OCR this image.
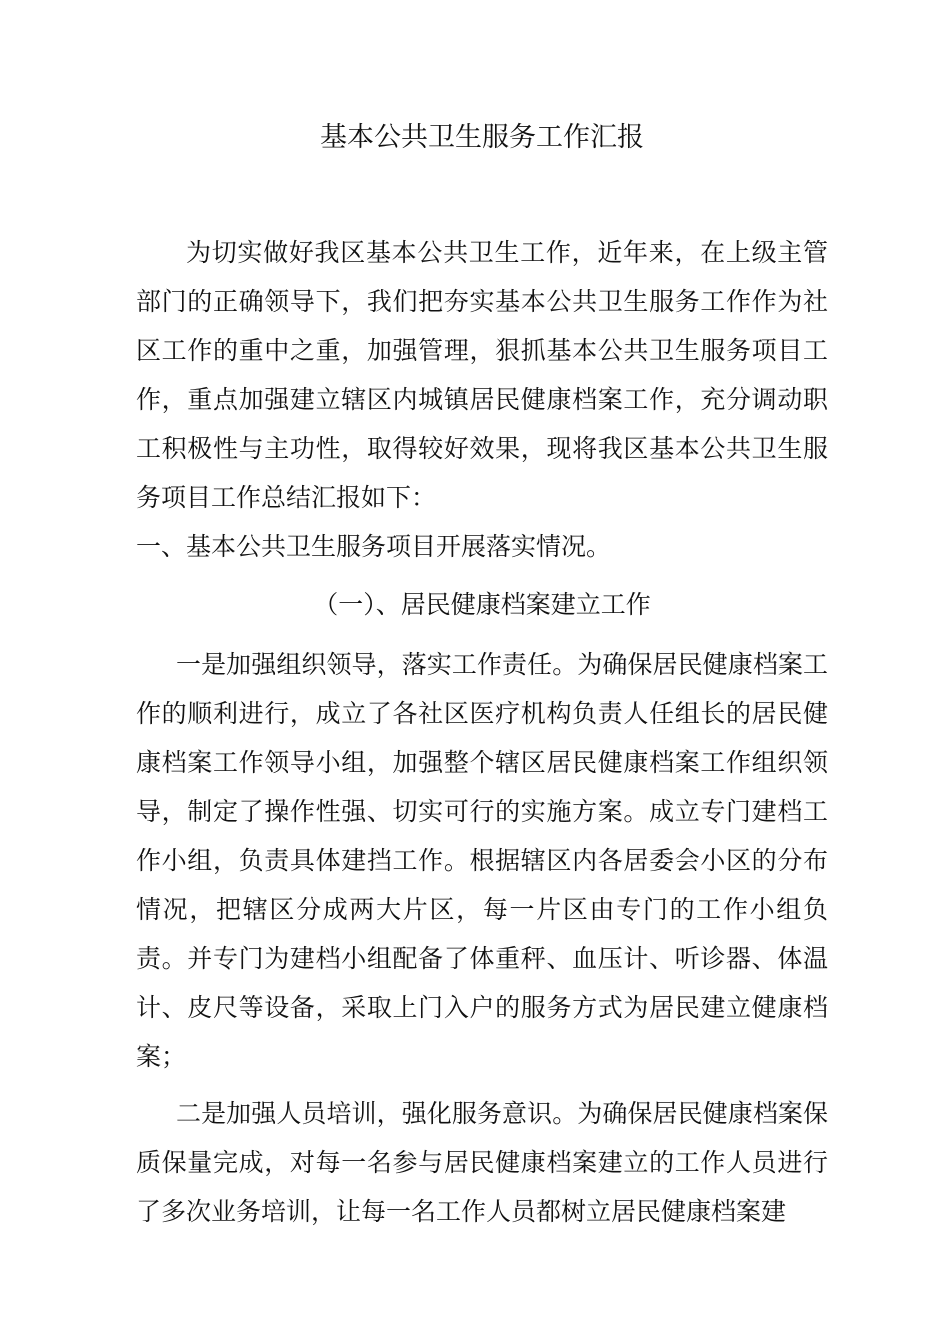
基本公共卫生服务工作汇报

为切实做好我区基本公共卫生工作，近年来，在上级主管部门的正确领导下，我们把夯实基本公共卫生服务工作作为社区工作的重中之重，加强管理，狠抓基本公共卫生服务项目工作，重点加强建立辖区内城镇居民健康档案工作，充分调动职工积极性与主功性，取得较好效果，现将我区基本公共卫生服务项目工作总结汇报如下：

一、基本公共卫生服务项目开展落实情况。

（一）、居民健康档案建立工作

一是加强组织领导，落实工作责任。为确保居民健康档案工作的顺利进行，成立了各社区医疗机构负责人任组长的居民健康档案工作领导小组，加强整个辖区居民健康档案工作组织领导，制定了操作性强、切实可行的实施方案。成立专门建档工作小组，负责具体建挡工作。根据辖区内各居委会小区的分布情况，把辖区分成两大片区，每一片区由专门的工作小组负责。并专门为建档小组配备了体重秤、血压计、听诊器、体温计、皮尺等设备，采取上门入户的服务方式为居民建立健康档案；

二是加强人员培训，强化服务意识。为确保居民健康档案保质保量完成，对每一名参与居民健康档案建立的工作人员进行了多次业务培训，让每一名工作人员都树立居民健康档案建
